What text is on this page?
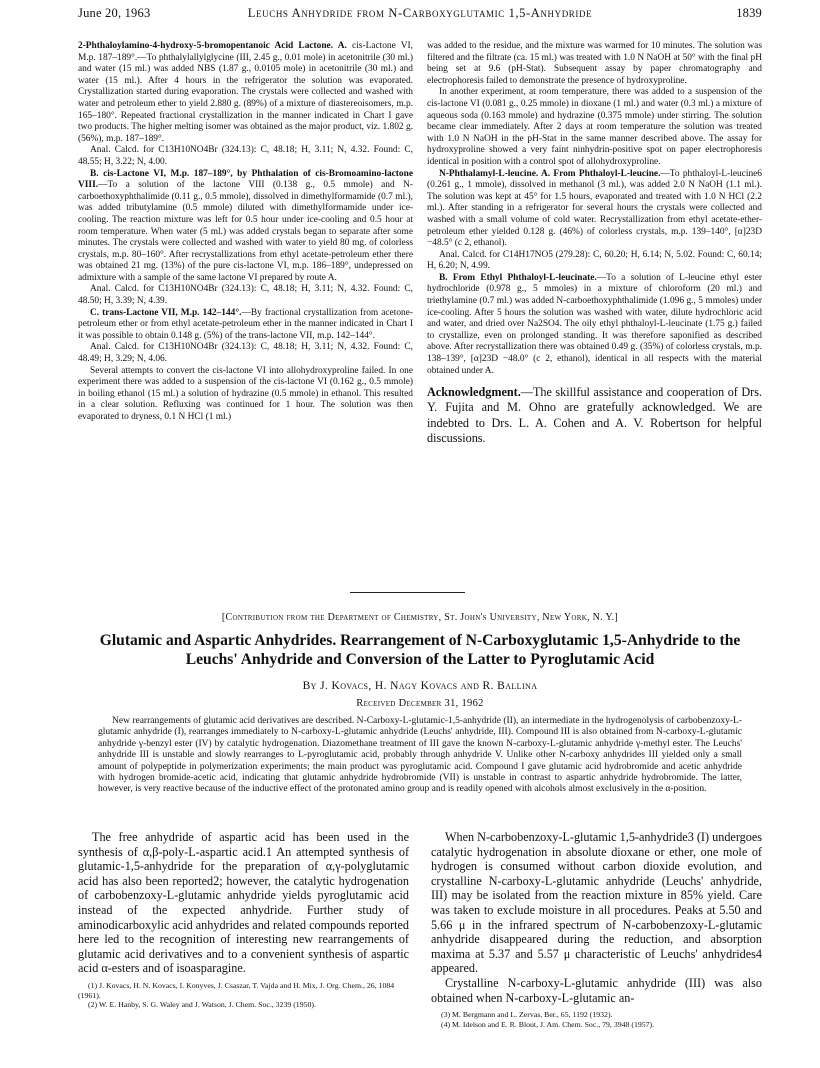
June 20, 1963	Leuchs Anhydride from N-Carboxyglutamic 1,5-Anhydride	1839

2-Phthaloylamino-4-hydroxy-5-bromopentanoic Acid Lactone. A. cis-Lactone VI, M.p. 187–189°.—To phthalylallylglycine (III, 2.45 g., 0.01 mole) in acetonitrile (30 ml.) and water (15 ml.) was added NBS (1.87 g., 0.0105 mole) in acetonitrile (30 ml.) and water (15 ml.). After 4 hours in the refrigerator the solution was evaporated. Crystallization started during evaporation. The crystals were collected and washed with water and petroleum ether to yield 2.880 g. (89%) of a mixture of diastereoisomers, m.p. 165–180°. Repeated fractional crystallization in the manner indicated in Chart I gave two products. The higher melting isomer was obtained as the major product, viz. 1.802 g. (56%), m.p. 187–189°.

Anal. Calcd. for C13H10NO4Br (324.13): C, 48.18; H, 3.11; N, 4.32. Found: C, 48.55; H, 3.22; N, 4.00.

B. cis-Lactone VI, M.p. 187–189°, by Phthalation of cis-Bromoamino-lactone VIII.—To a solution of the lactone VIII (0.138 g., 0.5 mmole) and N-carboethoxyphthalimide (0.11 g., 0.5 mmole), dissolved in dimethylformamide (0.7 ml.), was added tributylamine (0.5 mmole) diluted with dimethylformamide under ice-cooling. The reaction mixture was left for 0.5 hour under ice-cooling and 0.5 hour at room temperature. When water (5 ml.) was added crystals began to separate after some minutes. The crystals were collected and washed with water to yield 80 mg. of colorless crystals, m.p. 80–160°. After recrystallizations from ethyl acetate-petroleum ether there was obtained 21 mg. (13%) of the pure cis-lactone VI, m.p. 186–189°, undepressed on admixture with a sample of the same lactone VI prepared by route A.

Anal. Calcd. for C13H10NO4Br (324.13): C, 48.18; H, 3.11; N, 4.32. Found: C, 48.50; H, 3.39; N, 4.39.

C. trans-Lactone VII, M.p. 142–144°.—By fractional crystallization from acetone-petroleum ether or from ethyl acetate-petroleum ether in the manner indicated in Chart I it was possible to obtain 0.148 g. (5%) of the trans-lactone VII, m.p. 142–144°.

Anal. Calcd. for C13H10NO4Br (324.13): C, 48.18; H, 3.11; N, 4.32. Found: C, 48.49; H, 3.29; N, 4.06.

Several attempts to convert the cis-lactone VI into allohydroxyproline failed. In one experiment there was added to a suspension of the cis-lactone VI (0.162 g., 0.5 mmole) in boiling ethanol (15 ml.) a solution of hydrazine (0.5 mmole) in ethanol. This resulted in a clear solution. Refluxing was continued for 1 hour. The solution was then evaporated to dryness, 0.1 N HCl (1 ml.)

was added to the residue, and the mixture was warmed for 10 minutes. The solution was filtered and the filtrate (ca. 15 ml.) was treated with 1.0 N NaOH at 50° with the final pH being set at 9.6 (pH-Stat). Subsequent assay by paper chromatography and electrophoresis failed to demonstrate the presence of hydroxyproline.

In another experiment, at room temperature, there was added to a suspension of the cis-lactone VI (0.081 g., 0.25 mmole) in dioxane (1 ml.) and water (0.3 ml.) a mixture of aqueous soda (0.163 mmole) and hydrazine (0.375 mmole) under stirring. The solution became clear immediately. After 2 days at room temperature the solution was treated with 1.0 N NaOH in the pH-Stat in the same manner described above. The assay for hydroxyproline showed a very faint ninhydrin-positive spot on paper electrophoresis identical in position with a control spot of allohydroxyproline.

N-Phthalamyl-L-leucine. A. From Phthaloyl-L-leucine.—To phthaloyl-L-leucine6 (0.261 g., 1 mmole), dissolved in methanol (3 ml.), was added 2.0 N NaOH (1.1 ml.). The solution was kept at 45° for 1.5 hours, evaporated and treated with 1.0 N HCl (2.2 ml.). After standing in a refrigerator for several hours the crystals were collected and washed with a small volume of cold water. Recrystallization from ethyl acetate-ether-petroleum ether yielded 0.128 g. (46%) of colorless crystals, m.p. 139–140°, [α]23D −48.5° (c 2, ethanol).

Anal. Calcd. for C14H17NO5 (279.28): C, 60.20; H, 6.14; N, 5.02. Found: C, 60.14; H, 6.20; N, 4.99.

B. From Ethyl Phthaloyl-L-leucinate.—To a solution of L-leucine ethyl ester hydrochloride (0.978 g., 5 mmoles) in a mixture of chloroform (20 ml.) and triethylamine (0.7 ml.) was added N-carboethoxyphthalimide (1.096 g., 5 mmoles) under ice-cooling. After 5 hours the solution was washed with water, dilute hydrochloric acid and water, and dried over Na2SO4. The oily ethyl phthaloyl-L-leucinate (1.75 g.) failed to crystallize, even on prolonged standing. It was therefore saponified as described above. After recrystallization there was obtained 0.49 g. (35%) of colorless crystals, m.p. 138–139°, [α]23D −48.0° (c 2, ethanol), identical in all respects with the material obtained under A.

Acknowledgment.—The skillful assistance and cooperation of Drs. Y. Fujita and M. Ohno are gratefully acknowledged. We are indebted to Drs. L. A. Cohen and A. V. Robertson for helpful discussions.

[Contribution from the Department of Chemistry, St. John's University, New York, N. Y.]
Glutamic and Aspartic Anhydrides. Rearrangement of N-Carboxyglutamic 1,5-Anhydride to the Leuchs' Anhydride and Conversion of the Latter to Pyroglutamic Acid
By J. Kovacs, H. Nagy Kovacs and R. Ballina
Received December 31, 1962

New rearrangements of glutamic acid derivatives are described. N-Carboxy-L-glutamic-1,5-anhydride (II), an intermediate in the hydrogenolysis of carbobenzoxy-L-glutamic anhydride (I), rearranges immediately to N-carboxy-L-glutamic anhydride (Leuchs' anhydride, III). Compound III is also obtained from N-carboxy-L-glutamic anhydride γ-benzyl ester (IV) by catalytic hydrogenation. Diazomethane treatment of III gave the known N-carboxy-L-glutamic anhydride γ-methyl ester. The Leuchs' anhydride III is unstable and slowly rearranges to L-pyroglutamic acid, probably through anhydride V. Unlike other N-carboxy anhydrides III yielded only a small amount of polypeptide in polymerization experiments; the main product was pyroglutamic acid. Compound I gave glutamic acid hydrobromide and acetic anhydride with hydrogen bromide-acetic acid, indicating that glutamic anhydride hydrobromide (VII) is unstable in contrast to aspartic anhydride hydrobromide. The latter, however, is very reactive because of the inductive effect of the protonated amino group and is readily opened with alcohols almost exclusively in the α-position.

The free anhydride of aspartic acid has been used in the synthesis of α,β-poly-L-aspartic acid.1 An attempted synthesis of glutamic-1,5-anhydride for the preparation of α,γ-polyglutamic acid has also been reported2; however, the catalytic hydrogenation of carbobenzoxy-L-glutamic anhydride yields pyroglutamic acid instead of the expected anhydride. Further study of aminodicarboxylic acid anhydrides and related compounds reported here led to the recognition of interesting new rearrangements of glutamic acid derivatives and to a convenient synthesis of aspartic acid α-esters and of isoasparagine.

(1) J. Kovacs, H. N. Kovacs, I. Konyves, J. Csaszar, T. Vajda and H. Mix, J. Org. Chem., 26, 1084 (1961).
(2) W. E. Hanby, S. G. Waley and J. Watson, J. Chem. Soc., 3239 (1950).

When N-carbobenzoxy-L-glutamic 1,5-anhydride3 (I) undergoes catalytic hydrogenation in absolute dioxane or ether, one mole of hydrogen is consumed without carbon dioxide evolution, and crystalline N-carboxy-L-glutamic anhydride (Leuchs' anhydride, III) may be isolated from the reaction mixture in 85% yield. Care was taken to exclude moisture in all procedures. Peaks at 5.50 and 5.66 μ in the infrared spectrum of N-carbobenzoxy-L-glutamic anhydride disappeared during the reduction, and absorption maxima at 5.37 and 5.57 μ characteristic of Leuchs' anhydrides4 appeared.

Crystalline N-carboxy-L-glutamic anhydride (III) was also obtained when N-carboxy-L-glutamic an-

(3) M. Bergmann and L. Zervas, Ber., 65, 1192 (1932).
(4) M. Idelson and E. R. Blout, J. Am. Chem. Soc., 79, 3948 (1957).
